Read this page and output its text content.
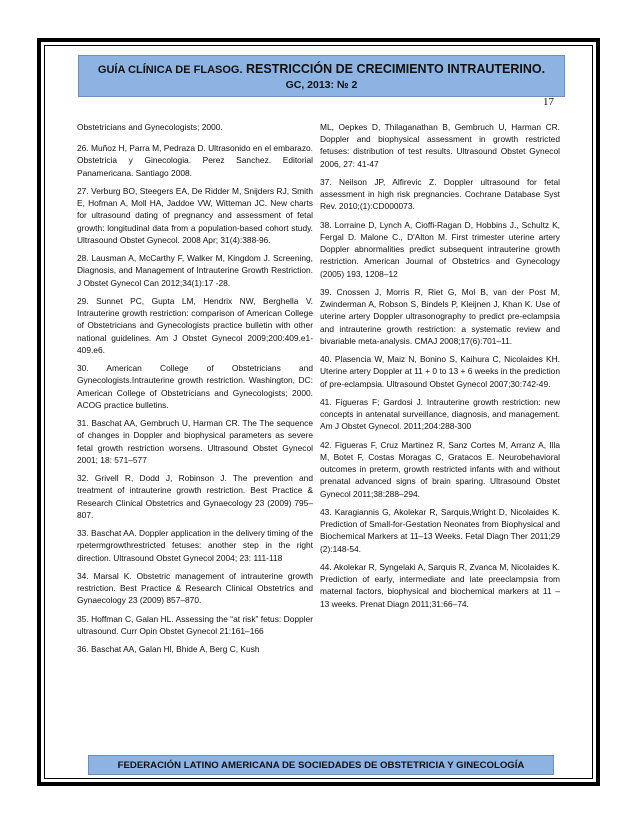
GUÍA CLÍNICA DE FLASOG. RESTRICCIÓN DE CRECIMIENTO INTRAUTERINO.
GC, 2013: № 2
17

Obstetricians and Gynecologists; 2000.

26. Muñoz H, Parra M, Pedraza D. Ultrasonido en el embarazo. Obstetricia y Ginecologia. Perez Sanchez. Editorial Panamericana. Santiago 2008.

27. Verburg BO, Steegers EA, De Ridder M, Snijders RJ, Smith E, Hofman A, Moll HA, Jaddoe VW, Witteman JC. New charts for ultrasound dating of pregnancy and assessment of fetal growth: longitudinal data from a population-based cohort study. Ultrasound Obstet Gynecol. 2008 Apr; 31(4):388-96.

28. Lausman A, McCarthy F, Walker M, Kingdom J. Screening, Diagnosis, and Management of Intrauterine Growth Restriction. J Obstet Gynecol Can 2012;34(1):17 -28.

29. Sunnet PC, Gupta LM, Hendrix NW, Berghella V. Intrauterine growth restriction: comparison of American College of Obstetricians and Gynecologists practice bulletin with other national guidelines. Am J Obstet Gynecol 2009;200:409.e1-409.e6.

30. American College of Obstetricians and Gynecologists.Intrauterine growth restriction. Washington, DC: American College of Obstetricians and Gynecologists; 2000. ACOG practice bulletins.

31. Baschat AA, Gembruch U, Harman CR. The The sequence of changes in Doppler and biophysical parameters as severe fetal growth restriction worsens. Ultrasound Obstet Gynecol 2001; 18: 571–577

32. Grivell R, Dodd J, Robinson J. The prevention and treatment of intrauterine growth restriction. Best Practice & Research Clinical Obstetrics and Gynaecology 23 (2009) 795–807.

33. Baschat AA. Doppler application in the delivery timing of the rpetermgrowthrestricted fetuses: another step in the right direction. Ultrasound Obstet Gynecol 2004; 23: 111-118

34. Marsal K. Obstetric management of intrauterine growth restriction. Best Practice & Research Clinical Obstetrics and Gynaecology 23 (2009) 857–870.

35. Hoffman C, Galan HL. Assessing the “at risk” fetus: Doppler ultrasound. Curr Opin Obstet Gynecol 21:161–166

36. Baschat AA, Galan Hl, Bhide A, Berg C, Kush

ML, Oepkes D, Thilaganathan B, Gembruch U, Harman CR. Doppler and biophysical assessment in growth restricted fetuses: distribution of test results. Ultrasound Obstet Gynecol 2006, 27: 41-47

37. Neilson JP, Alfirevic Z. Doppler ultrasound for fetal assessment in high risk pregnancies. Cochrane Database Syst Rev. 2010;(1):CD000073.

38. Lorraine D, Lynch A, Cioffi-Ragan D, Hobbins J., Schultz K, Fergal D. Malone C., D'Alton M. First trimester uterine artery Doppler abnormalities predict subsequent intrauterine growth restriction. American Journal of Obstetrics and Gynecology (2005) 193, 1208–12

39. Cnossen J, Morris R, Riet G, Mol B, van der Post M, Zwinderman A, Robson S, Bindels P, Kleijnen J, Khan K. Use of uterine artery Doppler ultrasonography to predict pre-eclampsia and intrauterine growth restriction: a systematic review and bivariable meta-analysis. CMAJ 2008;17(6):701–11.

40. Plasencia W, Maiz N, Bonino S, Kaihura C, Nicolaides KH. Uterine artery Doppler at 11 + 0 to 13 + 6 weeks in the prediction of pre-eclampsia. Ultrasound Obstet Gynecol 2007;30:742-49.

41. Figueras F; Gardosi J. Intrauterine growth restriction: new concepts in antenatal surveillance, diagnosis, and management. Am J Obstet Gynecol. 2011;204:288-300

42. Figueras F, Cruz Martinez R, Sanz Cortes M, Arranz A, Illa M, Botet F, Costas Moragas C, Gratacos E. Neurobehavioral outcomes in preterm, growth restricted infants with and without prenatal advanced signs of brain sparing. Ultrasound Obstet Gynecol 2011;38:288–294.

43. Karagiannis G, Akolekar R, Sarquis,Wright D, Nicolaides K. Prediction of Small-for-Gestation Neonates from Biophysical and Biochemical Markers at 11–13 Weeks. Fetal Diagn Ther 2011;29 (2):148-54.

44. Akolekar R, Syngelaki A, Sarquis R, Zvanca M, Nicolaides K. Prediction of early, intermediate and late preeclampsia from maternal factors, biophysical and biochemical markers at 11 – 13 weeks. Prenat Diagn 2011;31:66–74.

FEDERACIÓN LATINO AMERICANA DE SOCIEDADES DE OBSTETRICIA Y GINECOLOGÍA
